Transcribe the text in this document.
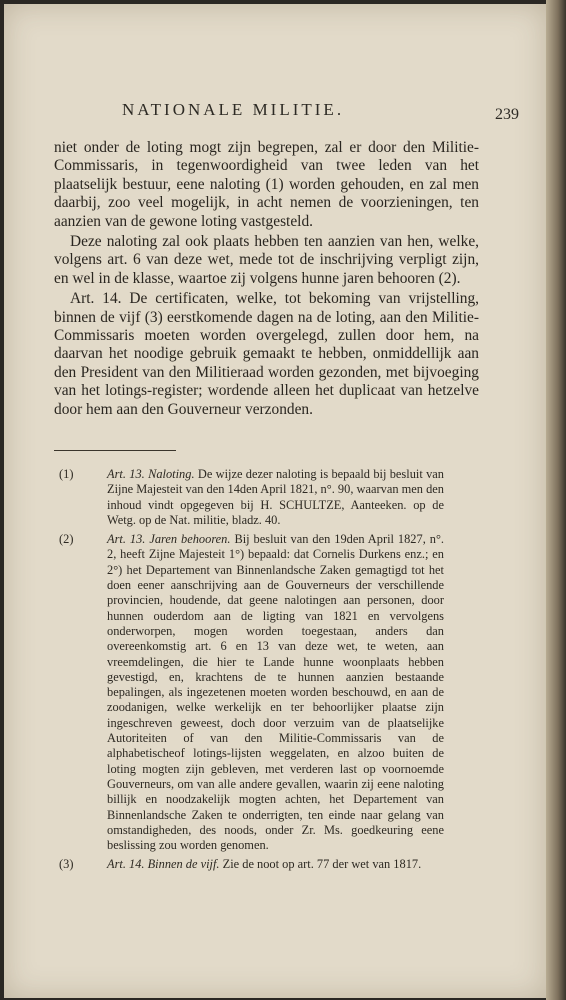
NATIONALE MILITIE.	239

niet onder de loting mogt zijn begrepen, zal er door den Militie-Commissaris, in tegenwoordigheid van twee leden van het plaatselijk bestuur, eene naloting (1) worden gehouden, en zal men daarbij, zoo veel mogelijk, in acht nemen de voorzieningen, ten aanzien van de gewone loting vastgesteld.

Deze naloting zal ook plaats hebben ten aanzien van hen, welke, volgens art. 6 van deze wet, mede tot de inschrijving verpligt zijn, en wel in de klasse, waartoe zij volgens hunne jaren behooren (2).

Art. 14. De certificaten, welke, tot bekoming van vrijstelling, binnen de vijf (3) eerstkomende dagen na de loting, aan den Militie-Commissaris moeten worden overgelegd, zullen door hem, na daarvan het noodige gebruik gemaakt te hebben, onmiddellijk aan den President van den Militieraad worden gezonden, met bijvoeging van het lotings-register; wordende alleen het duplicaat van hetzelve door hem aan den Gouverneur verzonden.

(1)	Art. 13. Naloting. De wijze dezer naloting is bepaald bij besluit van Zijne Majesteit van den 14den April 1821, n°. 90, waarvan men den inhoud vindt opgegeven bij H. SCHULTZE, Aanteeken. op de Wetg. op de Nat. militie, bladz. 40.
(2)	Art. 13. Jaren behooren. Bij besluit van den 19den April 1827, n°. 2, heeft Zijne Majesteit 1°) bepaald: dat Cornelis Durkens enz.; en 2°) het Departement van Binnenlandsche Zaken gemagtigd tot het doen eener aanschrijving aan de Gouverneurs der verschillende provincien, houdende, dat geene nalotingen aan personen, door hunnen ouderdom aan de ligting van 1821 en vervolgens onderworpen, mogen worden toegestaan, anders dan overeenkomstig art. 6 en 13 van deze wet, te weten, aan vreemdelingen, die hier te Lande hunne woonplaats hebben gevestigd, en, krachtens de te hunnen aanzien bestaande bepalingen, als ingezetenen moeten worden beschouwd, en aan de zoodanigen, welke werkelijk en ter behoorlijker plaatse zijn ingeschreven geweest, doch door verzuim van de plaatselijke Autoriteiten of van den Militie-Commissaris van de alphabetischeof lotings-lijsten weggelaten, en alzoo buiten de loting mogten zijn gebleven, met verderen last op voornoemde Gouverneurs, om van alle andere gevallen, waarin zij eene naloting billijk en noodzakelijk mogten achten, het Departement van Binnenlandsche Zaken te onderrigten, ten einde naar gelang van omstandigheden, des noods, onder Zr. Ms. goedkeuring eene beslissing zou worden genomen.
(3)	Art. 14. Binnen de vijf. Zie de noot op art. 77 der wet van 1817.
